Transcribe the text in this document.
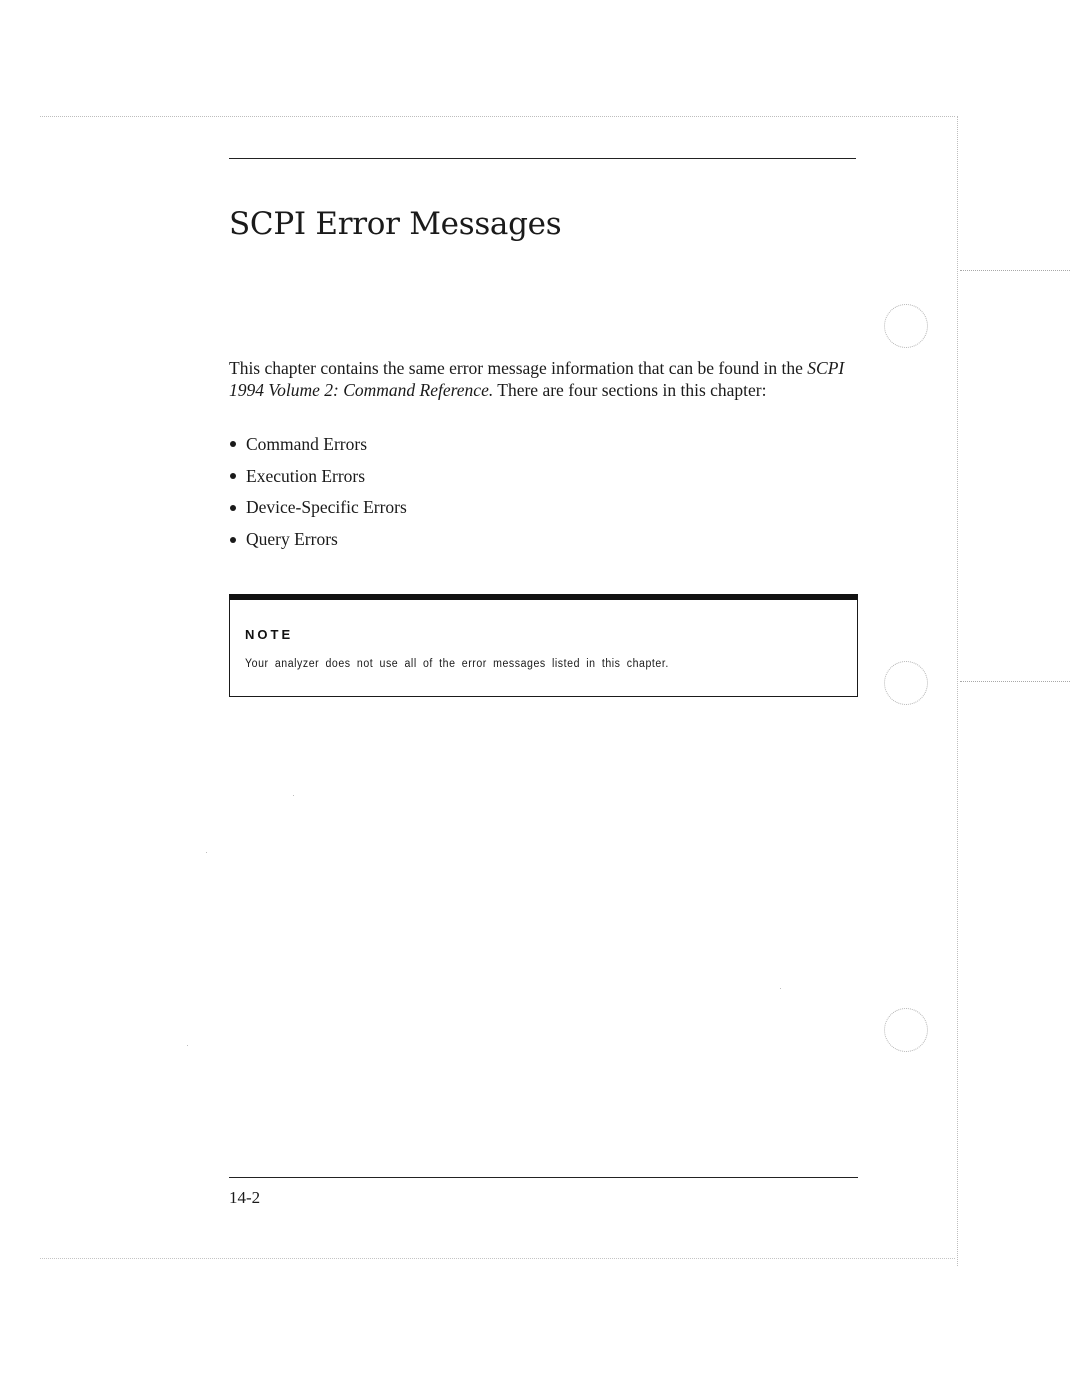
SCPI Error Messages

This chapter contains the same error message information that can be found in the SCPI 1994 Volume 2: Command Reference. There are four sections in this chapter:

Command Errors
Execution Errors
Device-Specific Errors
Query Errors
NOTE
Your analyzer does not use all of the error messages listed in this chapter.
14-2
